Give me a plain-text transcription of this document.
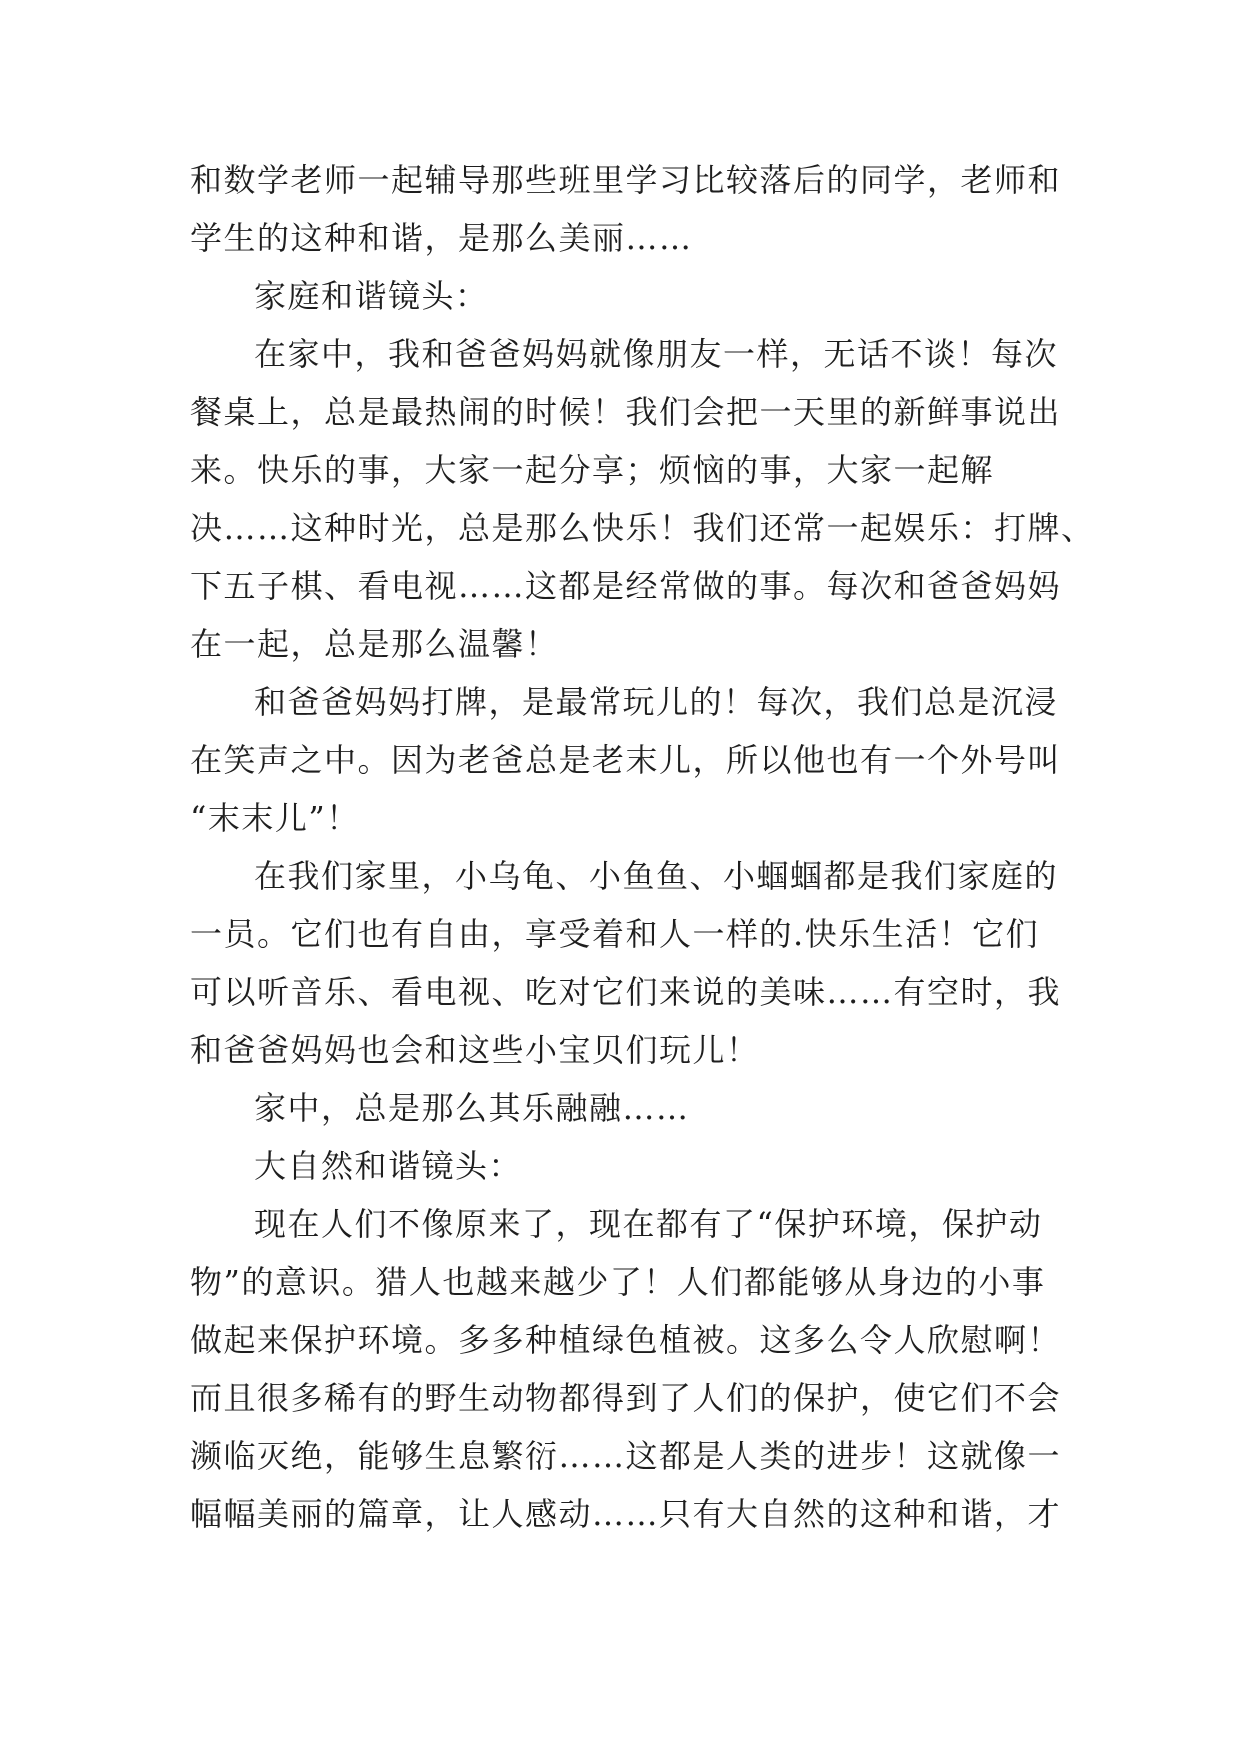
和数学老师一起辅导那些班里学习比较落后的同学，老师和
学生的这种和谐，是那么美丽……
家庭和谐镜头：
在家中，我和爸爸妈妈就像朋友一样，无话不谈！每次
餐桌上，总是最热闹的时候！我们会把一天里的新鲜事说出
来。快乐的事，大家一起分享；烦恼的事，大家一起解
决……这种时光，总是那么快乐！我们还常一起娱乐：打牌、
下五子棋、看电视……这都是经常做的事。每次和爸爸妈妈
在一起，总是那么温馨！
和爸爸妈妈打牌，是最常玩儿的！每次，我们总是沉浸
在笑声之中。因为老爸总是老末儿，所以他也有一个外号叫
“末末儿”！
在我们家里，小乌龟、小鱼鱼、小蝈蝈都是我们家庭的
一员。它们也有自由，享受着和人一样的.快乐生活！它们
可以听音乐、看电视、吃对它们来说的美味……有空时，我
和爸爸妈妈也会和这些小宝贝们玩儿！
家中，总是那么其乐融融……
大自然和谐镜头：
现在人们不像原来了，现在都有了“保护环境，保护动
物”的意识。猎人也越来越少了！人们都能够从身边的小事
做起来保护环境。多多种植绿色植被。这多么令人欣慰啊！
而且很多稀有的野生动物都得到了人们的保护，使它们不会
濒临灭绝，能够生息繁衍……这都是人类的进步！这就像一
幅幅美丽的篇章，让人感动……只有大自然的这种和谐，才
